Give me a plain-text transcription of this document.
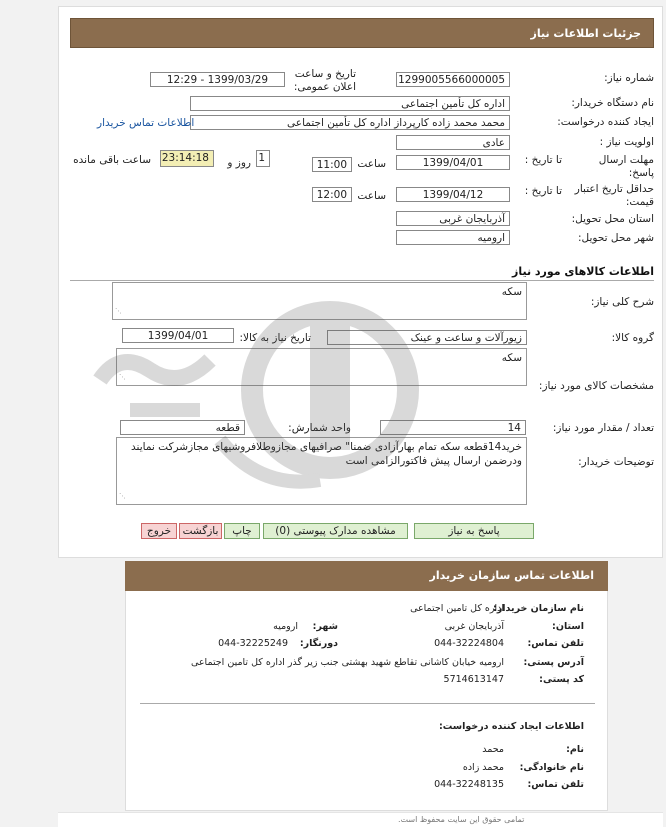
جزئیات اطلاعات نیاز
شماره نیاز:
1299005566000005
تاریخ و ساعت اعلان عمومی:
1399/03/29 - 12:29
نام دستگاه خریدار:
اداره کل تأمین اجتماعی
ایجاد کننده درخواست:
محمد محمد زاده کارپرداز اداره کل تأمین اجتماعی
اطلاعات تماس خریدار
اولویت نیاز :
عادی
مهلت ارسال پاسخ:
تا تاریخ :
1399/04/01
ساعت
11:00
1
روز و
23:14:18
ساعت باقی مانده
حداقل تاریخ اعتبار قیمت:
تا تاریخ :
1399/04/12
ساعت
12:00
استان محل تحویل:
آذربایجان غربی
شهر محل تحویل:
ارومیه
اطلاعات کالاهای مورد نیاز
شرح کلی نیاز:
سکه
⋰
گروه کالا:
زیورآلات و ساعت و عینک
تاریخ نیاز به کالا:
1399/04/01
مشخصات کالای مورد نیاز:
سکه
⋰
تعداد / مقدار مورد نیاز:
14
واحد شمارش:
قطعه
توضیحات خریدار:
خرید14قطعه سکه تمام بهارآزادی ضمنا" صرافیهای مجازوطلافروشیهای مجازشرکت نمایند ودرضمن ارسال پیش فاکتورالزامی است
⋰
پاسخ به نیاز
مشاهده مدارک پیوستی (0)
چاپ
بازگشت
خروج
اطلاعات تماس سازمان خریدار
نام سازمان خریدار:
اداره کل تامین اجتماعی
استان:
آذربایجان غربی
شهر:
ارومیه
تلفن تماس:
044-32224804
دورنگار:
044-32225249
آدرس پستی:
ارومیه خیابان کاشانی تقاطع شهید بهشتی جنب زیر گذر اداره کل تامین اجتماعی
کد پستی:
5714613147
اطلاعات ایجاد کننده درخواست:
نام:
محمد
نام خانوادگی:
محمد زاده
تلفن تماس:
044-32248135
تمامی حقوق این سایت محفوظ است.
